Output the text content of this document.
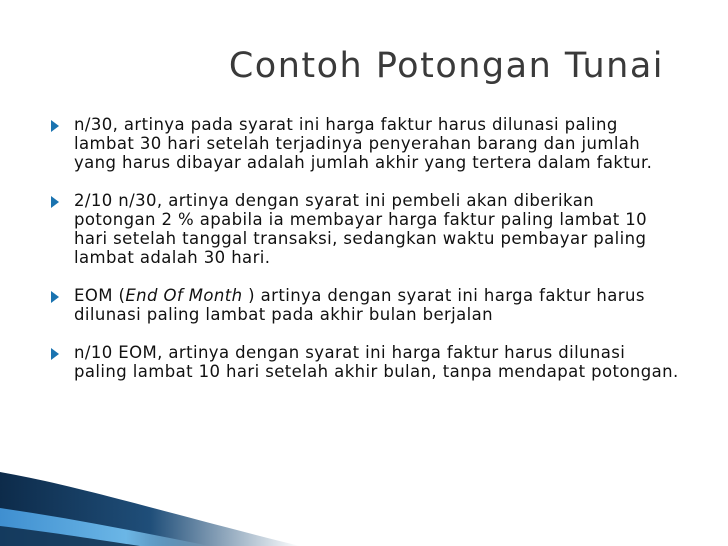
Contoh Potongan Tunai
n/30, artinya pada syarat ini harga faktur harus dilunasi paling lambat 30 hari setelah terjadinya penyerahan barang dan jumlah yang harus dibayar adalah jumlah akhir yang tertera dalam faktur.
2/10 n/30, artinya dengan syarat ini pembeli akan diberikan potongan 2 % apabila ia membayar harga faktur paling lambat 10 hari setelah tanggal transaksi, sedangkan waktu pembayar paling lambat adalah 30 hari.
EOM (End Of Month ) artinya dengan syarat ini harga faktur harus dilunasi paling lambat pada akhir bulan berjalan
n/10 EOM, artinya dengan syarat ini harga faktur harus dilunasi paling lambat 10 hari setelah akhir bulan, tanpa mendapat potongan.
